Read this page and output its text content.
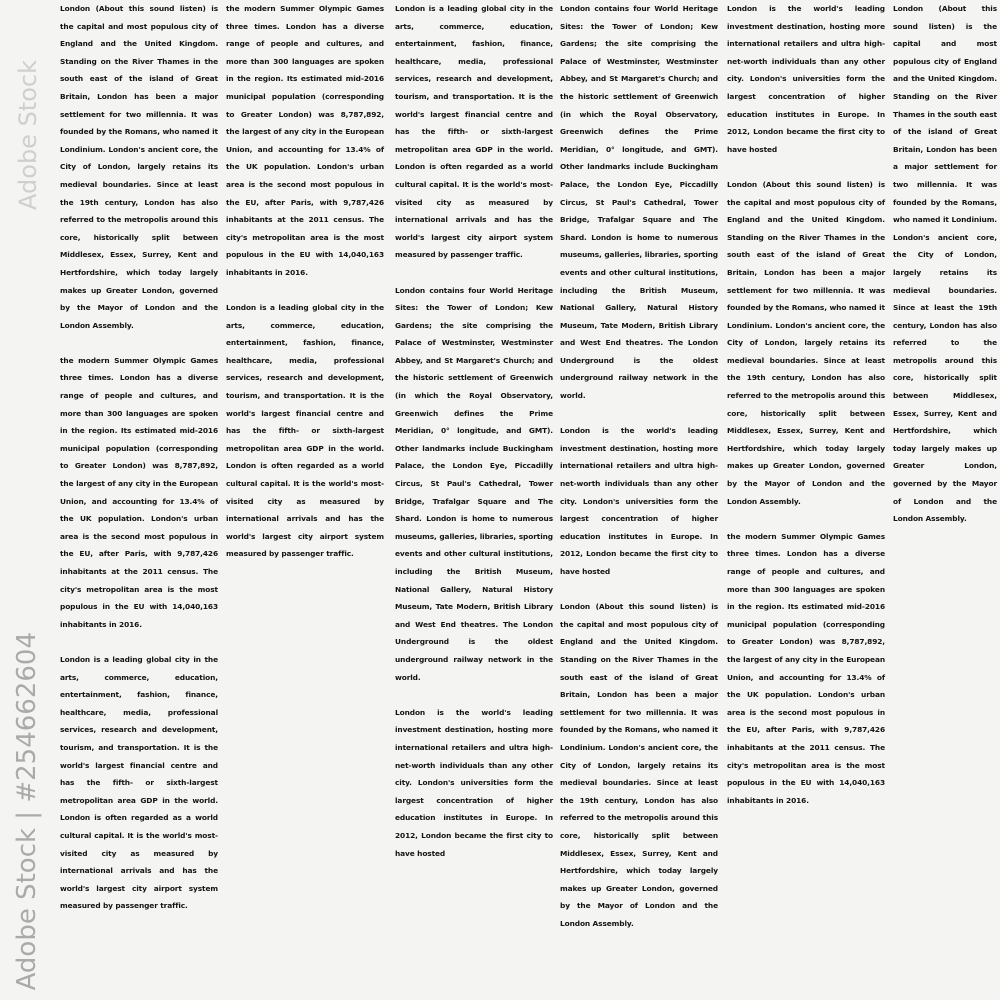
Adobe Stock
Adobe Stock | #254662604

London (About this sound listen) is the capital and most populous city of England and the United Kingdom. Standing on the River Thames in the south east of the island of Great Britain, London has been a major settlement for two millennia. It was founded by the Romans, who named it Londinium. London's ancient core, the City of London, largely retains its medieval boundaries. Since at least the 19th century, London has also referred to the metropolis around this core, historically split between Middlesex, Essex, Surrey, Kent and Hertfordshire, which today largely makes up Greater London, governed by the Mayor of London and the London Assembly.

the modern Summer Olympic Games three times. London has a diverse range of people and cultures, and more than 300 languages are spoken in the region. Its estimated mid-2016 municipal population (corresponding to Greater London) was 8,787,892, the largest of any city in the European Union, and accounting for 13.4% of the UK population. London's urban area is the second most populous in the EU, after Paris, with 9,787,426 inhabitants at the 2011 census. The city's metropolitan area is the most populous in the EU with 14,040,163 inhabitants in 2016.

London is a leading global city in the arts, commerce, education, entertainment, fashion, finance, healthcare, media, professional services, research and development, tourism, and transportation. It is the world's largest financial centre and has the fifth- or sixth-largest metropolitan area GDP in the world. London is often regarded as a world cultural capital. It is the world's most-visited city as measured by international arrivals and has the world's largest city airport system measured by passenger traffic.

the modern Summer Olympic Games three times. London has a diverse range of people and cultures, and more than 300 languages are spoken in the region. Its estimated mid-2016 municipal population (corresponding to Greater London) was 8,787,892, the largest of any city in the European Union, and accounting for 13.4% of the UK population. London's urban area is the second most populous in the EU, after Paris, with 9,787,426 inhabitants at the 2011 census. The city's metropolitan area is the most populous in the EU with 14,040,163 inhabitants in 2016.

London is a leading global city in the arts, commerce, education, entertainment, fashion, finance, healthcare, media, professional services, research and development, tourism, and transportation. It is the world's largest financial centre and has the fifth- or sixth-largest metropolitan area GDP in the world. London is often regarded as a world cultural capital. It is the world's most-visited city as measured by international arrivals and has the world's largest city airport system measured by passenger traffic.

London is a leading global city in the arts, commerce, education, entertainment, fashion, finance, healthcare, media, professional services, research and development, tourism, and transportation. It is the world's largest financial centre and has the fifth- or sixth-largest metropolitan area GDP in the world. London is often regarded as a world cultural capital. It is the world's most-visited city as measured by international arrivals and has the world's largest city airport system measured by passenger traffic.

London contains four World Heritage Sites: the Tower of London; Kew Gardens; the site comprising the Palace of Westminster, Westminster Abbey, and St Margaret's Church; and the historic settlement of Greenwich (in which the Royal Observatory, Greenwich defines the Prime Meridian, 0° longitude, and GMT). Other landmarks include Buckingham Palace, the London Eye, Piccadilly Circus, St Paul's Cathedral, Tower Bridge, Trafalgar Square and The Shard. London is home to numerous museums, galleries, libraries, sporting events and other cultural institutions, including the British Museum, National Gallery, Natural History Museum, Tate Modern, British Library and West End theatres. The London Underground is the oldest underground railway network in the world.

London is the world's leading investment destination, hosting more international retailers and ultra high-net-worth individuals than any other city. London's universities form the largest concentration of higher education institutes in Europe. In 2012, London became the first city to have hosted

London contains four World Heritage Sites: the Tower of London; Kew Gardens; the site comprising the Palace of Westminster, Westminster Abbey, and St Margaret's Church; and the historic settlement of Greenwich (in which the Royal Observatory, Greenwich defines the Prime Meridian, 0° longitude, and GMT). Other landmarks include Buckingham Palace, the London Eye, Piccadilly Circus, St Paul's Cathedral, Tower Bridge, Trafalgar Square and The Shard. London is home to numerous museums, galleries, libraries, sporting events and other cultural institutions, including the British Museum, National Gallery, Natural History Museum, Tate Modern, British Library and West End theatres. The London Underground is the oldest underground railway network in the world.

London is the world's leading investment destination, hosting more international retailers and ultra high-net-worth individuals than any other city. London's universities form the largest concentration of higher education institutes in Europe. In 2012, London became the first city to have hosted

London (About this sound listen) is the capital and most populous city of England and the United Kingdom. Standing on the River Thames in the south east of the island of Great Britain, London has been a major settlement for two millennia. It was founded by the Romans, who named it Londinium. London's ancient core, the City of London, largely retains its medieval boundaries. Since at least the 19th century, London has also referred to the metropolis around this core, historically split between Middlesex, Essex, Surrey, Kent and Hertfordshire, which today largely makes up Greater London, governed by the Mayor of London and the London Assembly.

London is the world's leading investment destination, hosting more international retailers and ultra high-net-worth individuals than any other city. London's universities form the largest concentration of higher education institutes in Europe. In 2012, London became the first city to have hosted

London (About this sound listen) is the capital and most populous city of England and the United Kingdom. Standing on the River Thames in the south east of the island of Great Britain, London has been a major settlement for two millennia. It was founded by the Romans, who named it Londinium. London's ancient core, the City of London, largely retains its medieval boundaries. Since at least the 19th century, London has also referred to the metropolis around this core, historically split between Middlesex, Essex, Surrey, Kent and Hertfordshire, which today largely makes up Greater London, governed by the Mayor of London and the London Assembly.

the modern Summer Olympic Games three times. London has a diverse range of people and cultures, and more than 300 languages are spoken in the region. Its estimated mid-2016 municipal population (corresponding to Greater London) was 8,787,892, the largest of any city in the European Union, and accounting for 13.4% of the UK population. London's urban area is the second most populous in the EU, after Paris, with 9,787,426 inhabitants at the 2011 census. The city's metropolitan area is the most populous in the EU with 14,040,163 inhabitants in 2016.

London (About this sound listen) is the capital and most populous city of England and the United Kingdom. Standing on the River Thames in the south east of the island of Great Britain, London has been a major settlement for two millennia. It was founded by the Romans, who named it Londinium. London's ancient core, the City of London, largely retains its medieval boundaries. Since at least the 19th century, London has also referred to the metropolis around this core, historically split between Middlesex, Essex, Surrey, Kent and Hertfordshire, which today largely makes up Greater London, governed by the Mayor of London and the London Assembly.
